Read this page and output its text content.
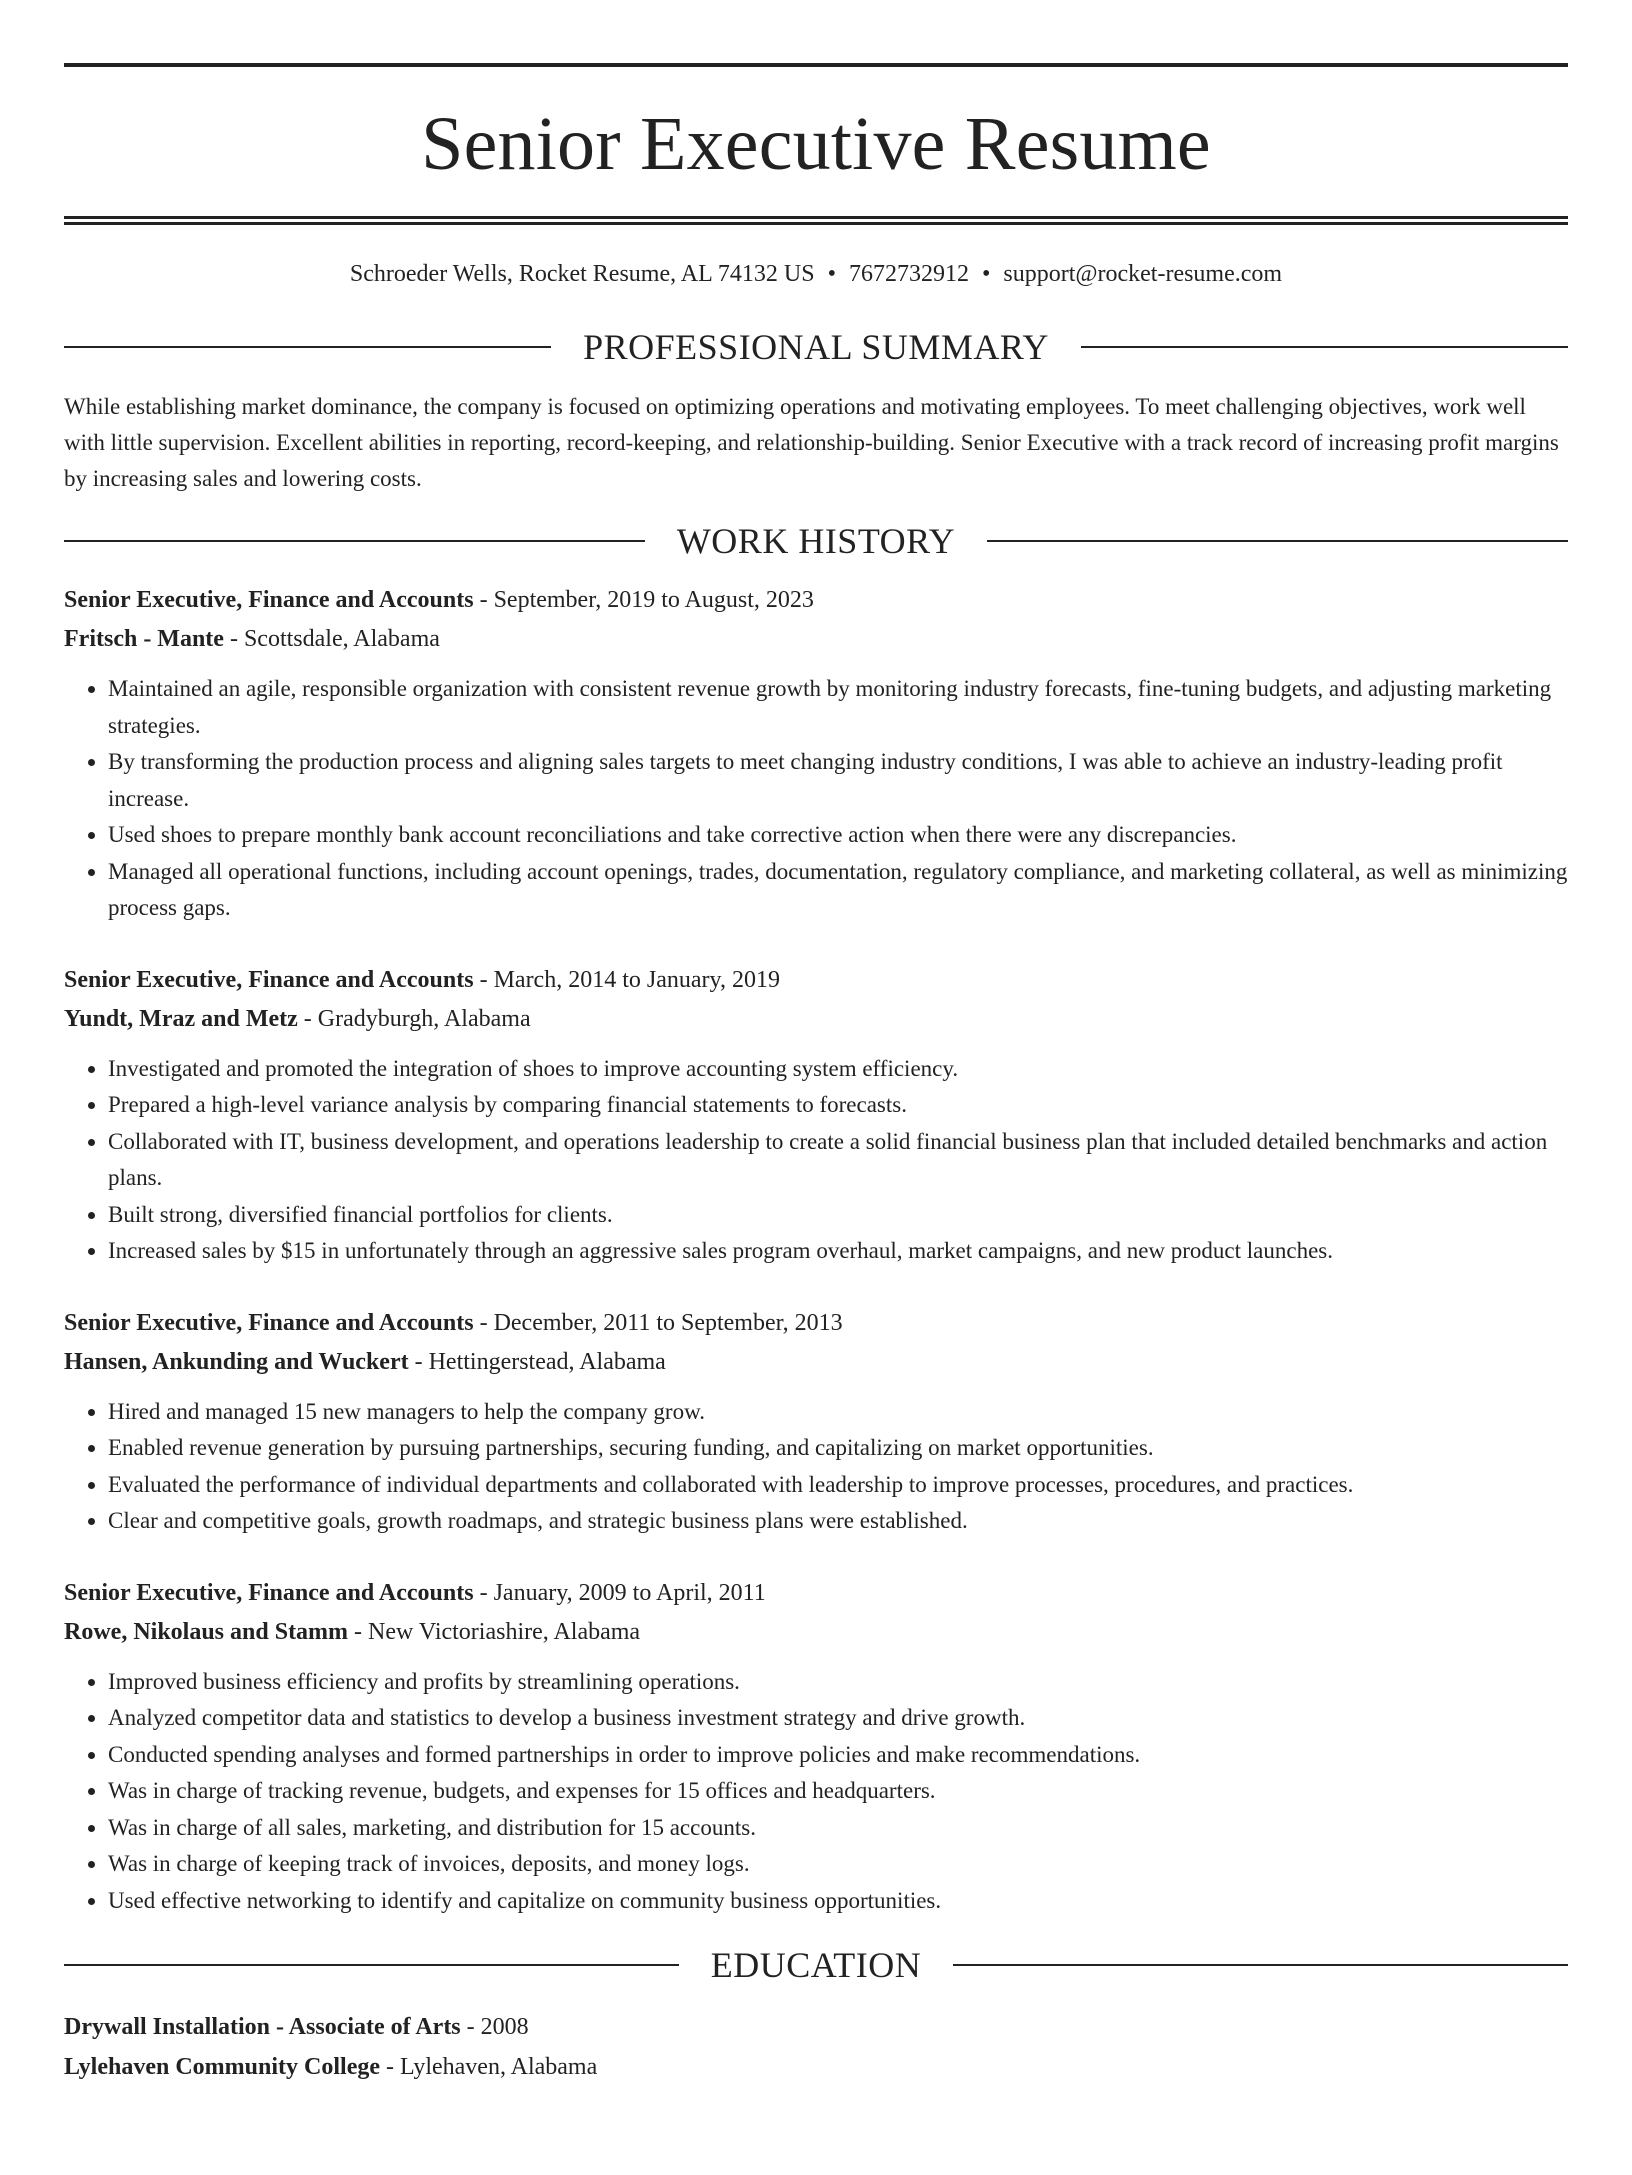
Senior Executive Resume
Schroeder Wells, Rocket Resume, AL 74132 US • 7672732912 • support@rocket-resume.com
PROFESSIONAL SUMMARY
While establishing market dominance, the company is focused on optimizing operations and motivating employees. To meet challenging objectives, work well with little supervision. Excellent abilities in reporting, record-keeping, and relationship-building. Senior Executive with a track record of increasing profit margins by increasing sales and lowering costs.
WORK HISTORY
Senior Executive, Finance and Accounts - September, 2019 to August, 2023
Fritsch - Mante - Scottsdale, Alabama
• Maintained an agile, responsible organization with consistent revenue growth by monitoring industry forecasts, fine-tuning budgets, and adjusting marketing strategies.
• By transforming the production process and aligning sales targets to meet changing industry conditions, I was able to achieve an industry-leading profit increase.
• Used shoes to prepare monthly bank account reconciliations and take corrective action when there were any discrepancies.
• Managed all operational functions, including account openings, trades, documentation, regulatory compliance, and marketing collateral, as well as minimizing process gaps.
Senior Executive, Finance and Accounts - March, 2014 to January, 2019
Yundt, Mraz and Metz - Gradyburgh, Alabama
• Investigated and promoted the integration of shoes to improve accounting system efficiency.
• Prepared a high-level variance analysis by comparing financial statements to forecasts.
• Collaborated with IT, business development, and operations leadership to create a solid financial business plan that included detailed benchmarks and action plans.
• Built strong, diversified financial portfolios for clients.
• Increased sales by $15 in unfortunately through an aggressive sales program overhaul, market campaigns, and new product launches.
Senior Executive, Finance and Accounts - December, 2011 to September, 2013
Hansen, Ankunding and Wuckert - Hettingerstead, Alabama
• Hired and managed 15 new managers to help the company grow.
• Enabled revenue generation by pursuing partnerships, securing funding, and capitalizing on market opportunities.
• Evaluated the performance of individual departments and collaborated with leadership to improve processes, procedures, and practices.
• Clear and competitive goals, growth roadmaps, and strategic business plans were established.
Senior Executive, Finance and Accounts - January, 2009 to April, 2011
Rowe, Nikolaus and Stamm - New Victoriashire, Alabama
• Improved business efficiency and profits by streamlining operations.
• Analyzed competitor data and statistics to develop a business investment strategy and drive growth.
• Conducted spending analyses and formed partnerships in order to improve policies and make recommendations.
• Was in charge of tracking revenue, budgets, and expenses for 15 offices and headquarters.
• Was in charge of all sales, marketing, and distribution for 15 accounts.
• Was in charge of keeping track of invoices, deposits, and money logs.
• Used effective networking to identify and capitalize on community business opportunities.
EDUCATION
Drywall Installation - Associate of Arts - 2008
Lylehaven Community College - Lylehaven, Alabama
